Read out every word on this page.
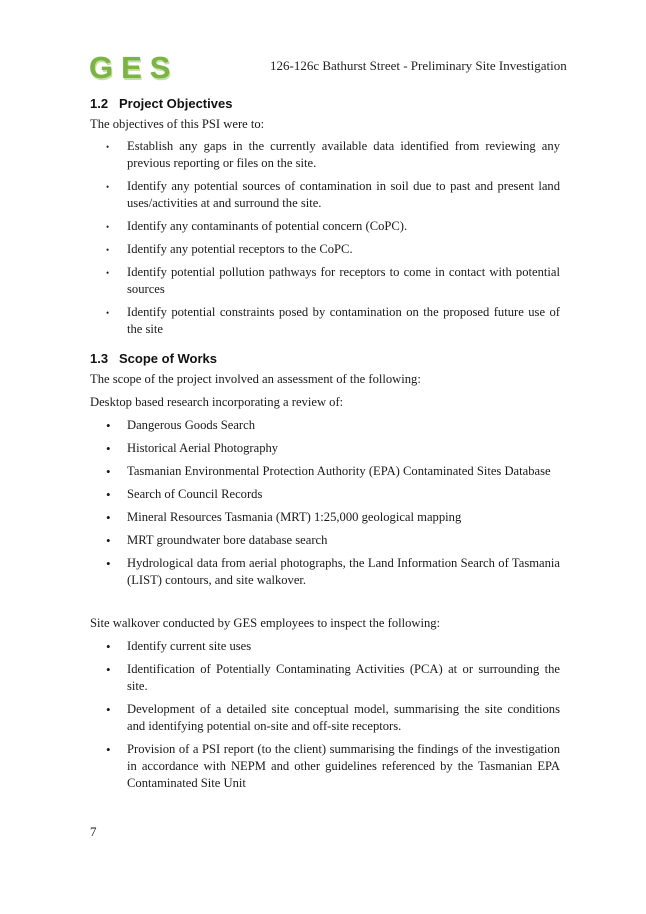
GES	126-126c Bathurst Street - Preliminary Site Investigation
1.2 Project Objectives

The objectives of this PSI were to:

• Establish any gaps in the currently available data identified from reviewing any previous reporting or files on the site.
• Identify any potential sources of contamination in soil due to past and present land uses/activities at and surround the site.
• Identify any contaminants of potential concern (CoPC).
• Identify any potential receptors to the CoPC.
• Identify potential pollution pathways for receptors to come in contact with potential sources
• Identify potential constraints posed by contamination on the proposed future use of the site
1.3 Scope of Works

The scope of the project involved an assessment of the following:

Desktop based research incorporating a review of:

• Dangerous Goods Search
• Historical Aerial Photography
• Tasmanian Environmental Protection Authority (EPA) Contaminated Sites Database
• Search of Council Records
• Mineral Resources Tasmania (MRT) 1:25,000 geological mapping
• MRT groundwater bore database search
• Hydrological data from aerial photographs, the Land Information Search of Tasmania (LIST) contours, and site walkover.

Site walkover conducted by GES employees to inspect the following:

• Identify current site uses
• Identification of Potentially Contaminating Activities (PCA) at or surrounding the site.
• Development of a detailed site conceptual model, summarising the site conditions and identifying potential on-site and off-site receptors.
• Provision of a PSI report (to the client) summarising the findings of the investigation in accordance with NEPM and other guidelines referenced by the Tasmanian EPA Contaminated Site Unit
7
